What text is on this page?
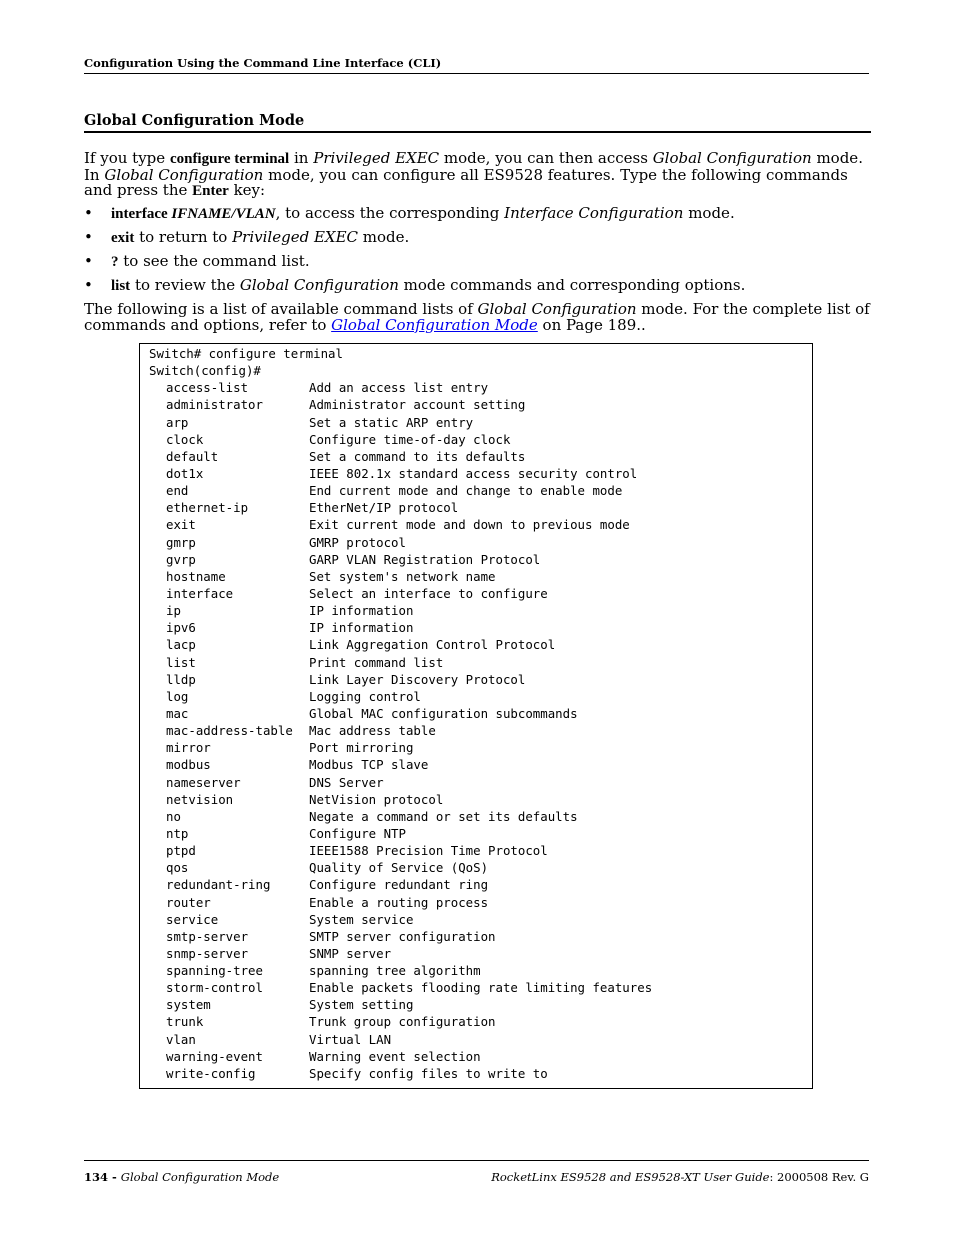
Configuration Using the Command Line Interface (CLI)
Global Configuration Mode

If you type configure terminal in Privileged EXEC mode, you can then access Global Configuration mode. In Global Configuration mode, you can configure all ES9528 features. Type the following commands and press the Enter key:

• interface IFNAME/VLAN, to access the corresponding Interface Configuration mode.
• exit to return to Privileged EXEC mode.
• ? to see the command list.
• list to review the Global Configuration mode commands and corresponding options.

The following is a list of available command lists of Global Configuration mode. For the complete list of commands and options, refer to Global Configuration Mode on Page 189..

Switch# configure terminal
Switch(config)#
access-list	Add an access list entry
administrator	Administrator account setting
arp	Set a static ARP entry
clock	Configure time-of-day clock
default	Set a command to its defaults
dot1x	IEEE 802.1x standard access security control
end	End current mode and change to enable mode
ethernet-ip	EtherNet/IP protocol
exit	Exit current mode and down to previous mode
gmrp	GMRP protocol
gvrp	GARP VLAN Registration Protocol
hostname	Set system's network name
interface	Select an interface to configure
ip	IP information
ipv6	IP information
lacp	Link Aggregation Control Protocol
list	Print command list
lldp	Link Layer Discovery Protocol
log	Logging control
mac	Global MAC configuration subcommands
mac-address-table	Mac address table
mirror	Port mirroring
modbus	Modbus TCP slave
nameserver	DNS Server
netvision	NetVision protocol
no	Negate a command or set its defaults
ntp	Configure NTP
ptpd	IEEE1588 Precision Time Protocol
qos	Quality of Service (QoS)
redundant-ring	Configure redundant ring
router	Enable a routing process
service	System service
smtp-server	SMTP server configuration
snmp-server	SNMP server
spanning-tree	spanning tree algorithm
storm-control	Enable packets flooding rate limiting features
system	System setting
trunk	Trunk group configuration
vlan	Virtual LAN
warning-event	Warning event selection
write-config	Specify config files to write to
134 - Global Configuration Mode	RocketLinx ES9528 and ES9528-XT User Guide: 2000508 Rev. G
